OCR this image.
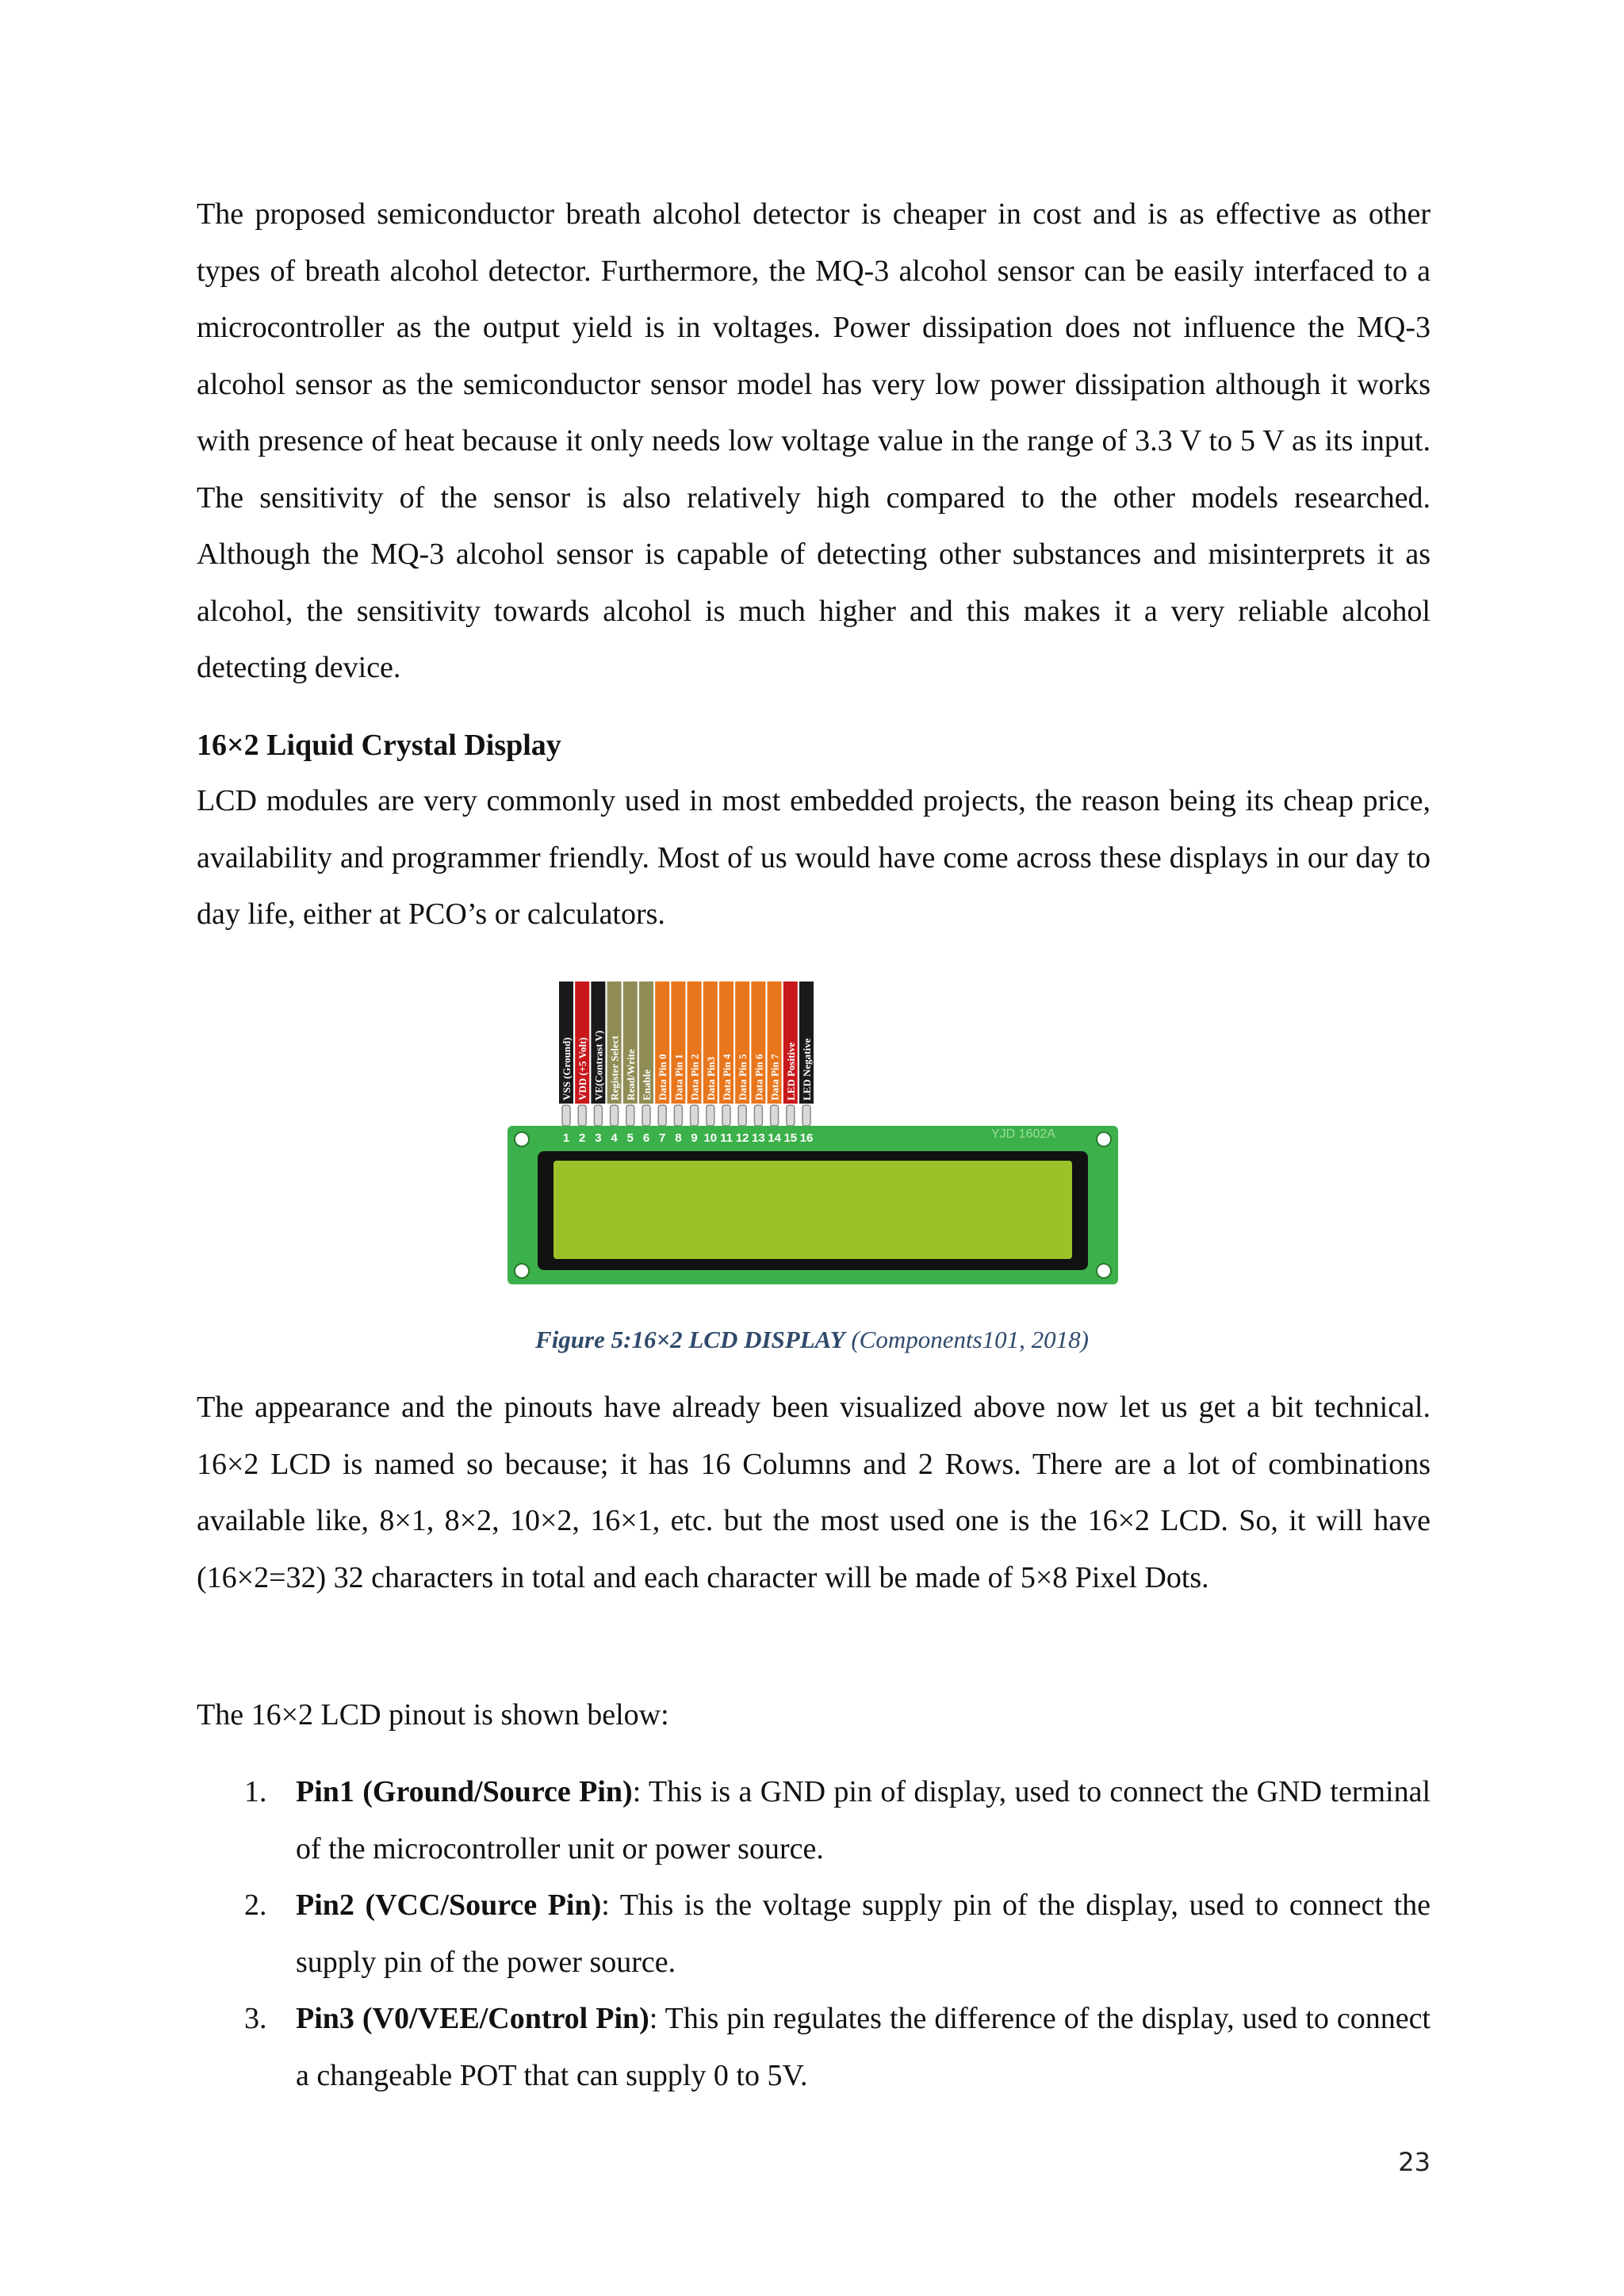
The proposed semiconductor breath alcohol detector is cheaper in cost and is as effective as other types of breath alcohol detector. Furthermore, the MQ-3 alcohol sensor can be easily interfaced to a microcontroller as the output yield is in voltages. Power dissipation does not influence the MQ-3 alcohol sensor as the semiconductor sensor model has very low power dissipation although it works with presence of heat because it only needs low voltage value in the range of 3.3 V to 5 V as its input. The sensitivity of the sensor is also relatively high compared to the other models researched. Although the MQ-3 alcohol sensor is capable of detecting other substances and misinterprets it as alcohol, the sensitivity towards alcohol is much higher and this makes it a very reliable alcohol detecting device.

16×2 Liquid Crystal Display

LCD modules are very commonly used in most embedded projects, the reason being its cheap price, availability and programmer friendly. Most of us would have come across these displays in our day to day life, either at PCO’s or calculators.

VSS (Ground) VDD (+5 Volt) VE(Contrast V) Register Select Read/Write Enable Data Pin 0 Data Pin 1 Data Pin 2 Data Pin3 Data Pin 4 Data Pin 5 Data Pin 6 Data Pin 7 LED Positive LED Negative
1 2 3 4 5 6 7 8 9 10 11 12 13 14 15 16	YJD 1602A
Figure 5:16×2 LCD DISPLAY (Components101, 2018)

The appearance and the pinouts have already been visualized above now let us get a bit technical. 16×2 LCD is named so because; it has 16 Columns and 2 Rows. There are a lot of combinations available like, 8×1, 8×2, 10×2, 16×1, etc. but the most used one is the 16×2 LCD. So, it will have (16×2=32) 32 characters in total and each character will be made of 5×8 Pixel Dots.

The 16×2 LCD pinout is shown below:

1. Pin1 (Ground/Source Pin): This is a GND pin of display, used to connect the GND terminal of the microcontroller unit or power source.
2. Pin2 (VCC/Source Pin): This is the voltage supply pin of the display, used to connect the supply pin of the power source.
3. Pin3 (V0/VEE/Control Pin): This pin regulates the difference of the display, used to connect a changeable POT that can supply 0 to 5V.
23
